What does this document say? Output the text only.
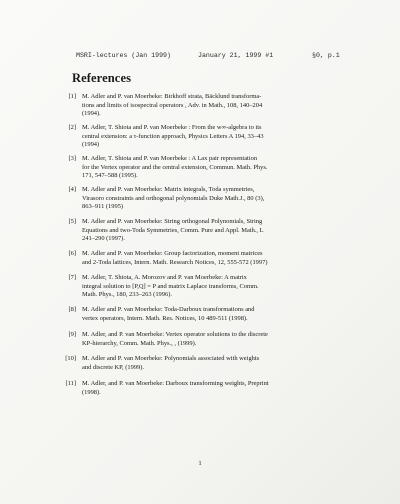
MSRI-lectures (Jan 1999)	January 21, 1999 #1	§0, p.1
References
[1] M. Adler and P. van Moerbeke: Birkhoff strata, Bäcklund transforma-
tions and limits of isospectral operators , Adv. in Math., 108, 140–204
(1994).
[2] M. Adler, T. Shiota and P. van Moerbeke : From the w∞-algebra to its
central extension: a τ-function approach, Physics Letters A 194, 33–43
(1994)
[3] M. Adler, T. Shiota and P. van Moerbeke : A Lax pair representation
for the Vertex operator and the central extension, Commun. Math. Phys.
171, 547–588 (1995).
[4] M. Adler and P. van Moerbeke: Matrix integrals, Toda symmetries,
Virasoro constraints and orthogonal polynomials Duke Math.J., 80 (3),
863–911 (1995)
[5] M. Adler and P. van Moerbeke: String orthogonal Polynomials, String
Equations and two-Toda Symmetries, Comm. Pure and Appl. Math., L
241–290 (1997).
[6] M. Adler and P. van Moerbeke: Group factorization, moment matrices
and 2-Toda lattices, Intern. Math. Research Notices, 12, 555-572 (1997)
[7] M. Adler, T. Shiota, A. Morozov and P. van Moerbeke: A matrix
integral solution to [P,Q] = P and matrix Laplace transforms, Comm.
Math. Phys., 180, 233–263 (1996).
[8] M. Adler and P. van Moerbeke: Toda-Darboux transformations and
vertex operators, Intern. Math. Res. Notices, 10 489-511 (1998).
[9] M. Adler, and P. van Moerbeke: Vertex operator solutions to the discrete
KP-hierarchy, Comm. Math. Phys., , (1999).
[10] M. Adler and P. van Moerbeke: Polynomials associated with weights
and discrete KP, (1999).
[11] M. Adler, and P. van Moerbeke: Darboux transforming weights, Preprint
(1998).
1
